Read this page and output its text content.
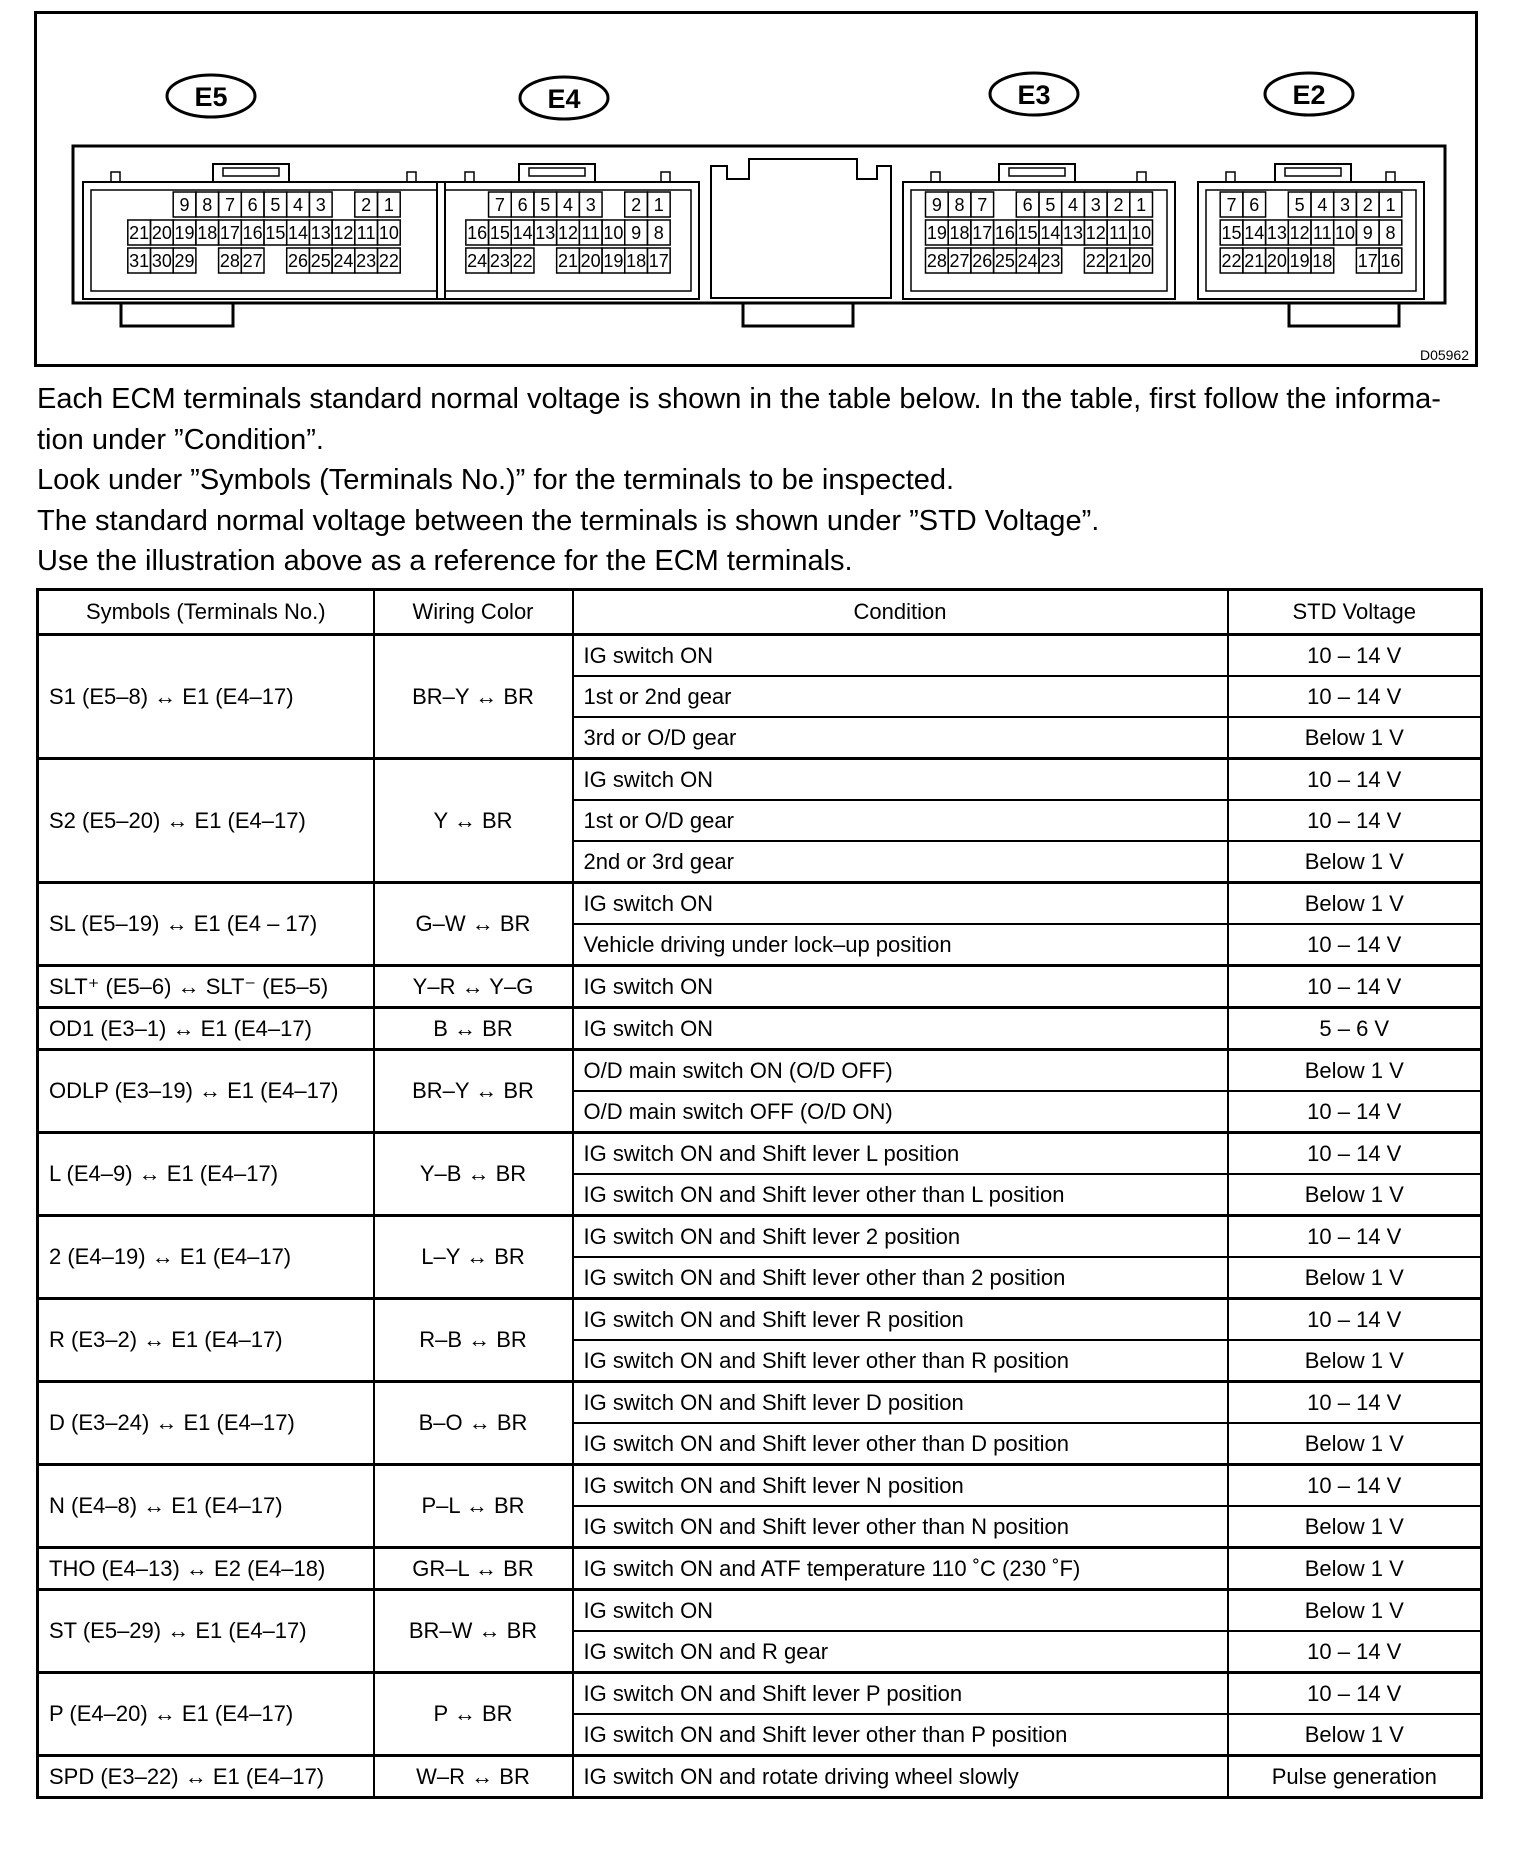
E5
9 8 7 6 5 4 3 2 1
21 20 19 18 17 16 15 14 13 12 11 10
31 30 29 28 27 26 25 24 23 22
E4
7 6 5 4 3 2 1
16 15 14 13 12 11 10 9 8
24 23 22 21 20 19 18 17
E3
9 8 7 6 5 4 3 2 1
19 18 17 16 15 14 13 12 11 10
28 27 26 25 24 23 22 21 20
E2
7 6 5 4 3 2 1
15 14 13 12 11 10 9 8
22 21 20 19 18 17 16
D05962

Each ECM terminals standard normal voltage is shown in the table below. In the table, first follow the informa-

tion under ”Condition”.

Look under ”Symbols (Terminals No.)” for the terminals to be inspected.

The standard normal voltage between the terminals is shown under ”STD Voltage”.

Use the illustration above as a reference for the ECM terminals.

Symbols (Terminals No.)	Wiring Color	Condition	STD Voltage
S1 (E5–8) ↔ E1 (E4–17)	BR–Y ↔ BR	IG switch ON	10 – 14 V
		1st or 2nd gear	10 – 14 V
		3rd or O/D gear	Below 1 V
S2 (E5–20) ↔ E1 (E4–17)	Y ↔ BR	IG switch ON	10 – 14 V
		1st or O/D gear	10 – 14 V
		2nd or 3rd gear	Below 1 V
SL (E5–19) ↔ E1 (E4 – 17)	G–W ↔ BR	IG switch ON	Below 1 V
		Vehicle driving under lock–up position	10 – 14 V
SLT⁺ (E5–6) ↔ SLT⁻ (E5–5)	Y–R ↔ Y–G	IG switch ON	10 – 14 V
OD1 (E3–1) ↔ E1 (E4–17)	B ↔ BR	IG switch ON	5 – 6 V
ODLP (E3–19) ↔ E1 (E4–17)	BR–Y ↔ BR	O/D main switch ON (O/D OFF)	Below 1 V
		O/D main switch OFF (O/D ON)	10 – 14 V
L (E4–9) ↔ E1 (E4–17)	Y–B ↔ BR	IG switch ON and Shift lever L position	10 – 14 V
		IG switch ON and Shift lever other than L position	Below 1 V
2 (E4–19) ↔ E1 (E4–17)	L–Y ↔ BR	IG switch ON and Shift lever 2 position	10 – 14 V
		IG switch ON and Shift lever other than 2 position	Below 1 V
R (E3–2) ↔ E1 (E4–17)	R–B ↔ BR	IG switch ON and Shift lever R position	10 – 14 V
		IG switch ON and Shift lever other than R position	Below 1 V
D (E3–24) ↔ E1 (E4–17)	B–O ↔ BR	IG switch ON and Shift lever D position	10 – 14 V
		IG switch ON and Shift lever other than D position	Below 1 V
N (E4–8) ↔ E1 (E4–17)	P–L ↔ BR	IG switch ON and Shift lever N position	10 – 14 V
		IG switch ON and Shift lever other than N position	Below 1 V
THO (E4–13) ↔ E2 (E4–18)	GR–L ↔ BR	IG switch ON and ATF temperature 110 ˚C (230 ˚F)	Below 1 V
ST (E5–29) ↔ E1 (E4–17)	BR–W ↔ BR	IG switch ON	Below 1 V
		IG switch ON and R gear	10 – 14 V
P (E4–20) ↔ E1 (E4–17)	P ↔ BR	IG switch ON and Shift lever P position	10 – 14 V
		IG switch ON and Shift lever other than P position	Below 1 V
SPD (E3–22) ↔ E1 (E4–17)	W–R ↔ BR	IG switch ON and rotate driving wheel slowly	Pulse generation
